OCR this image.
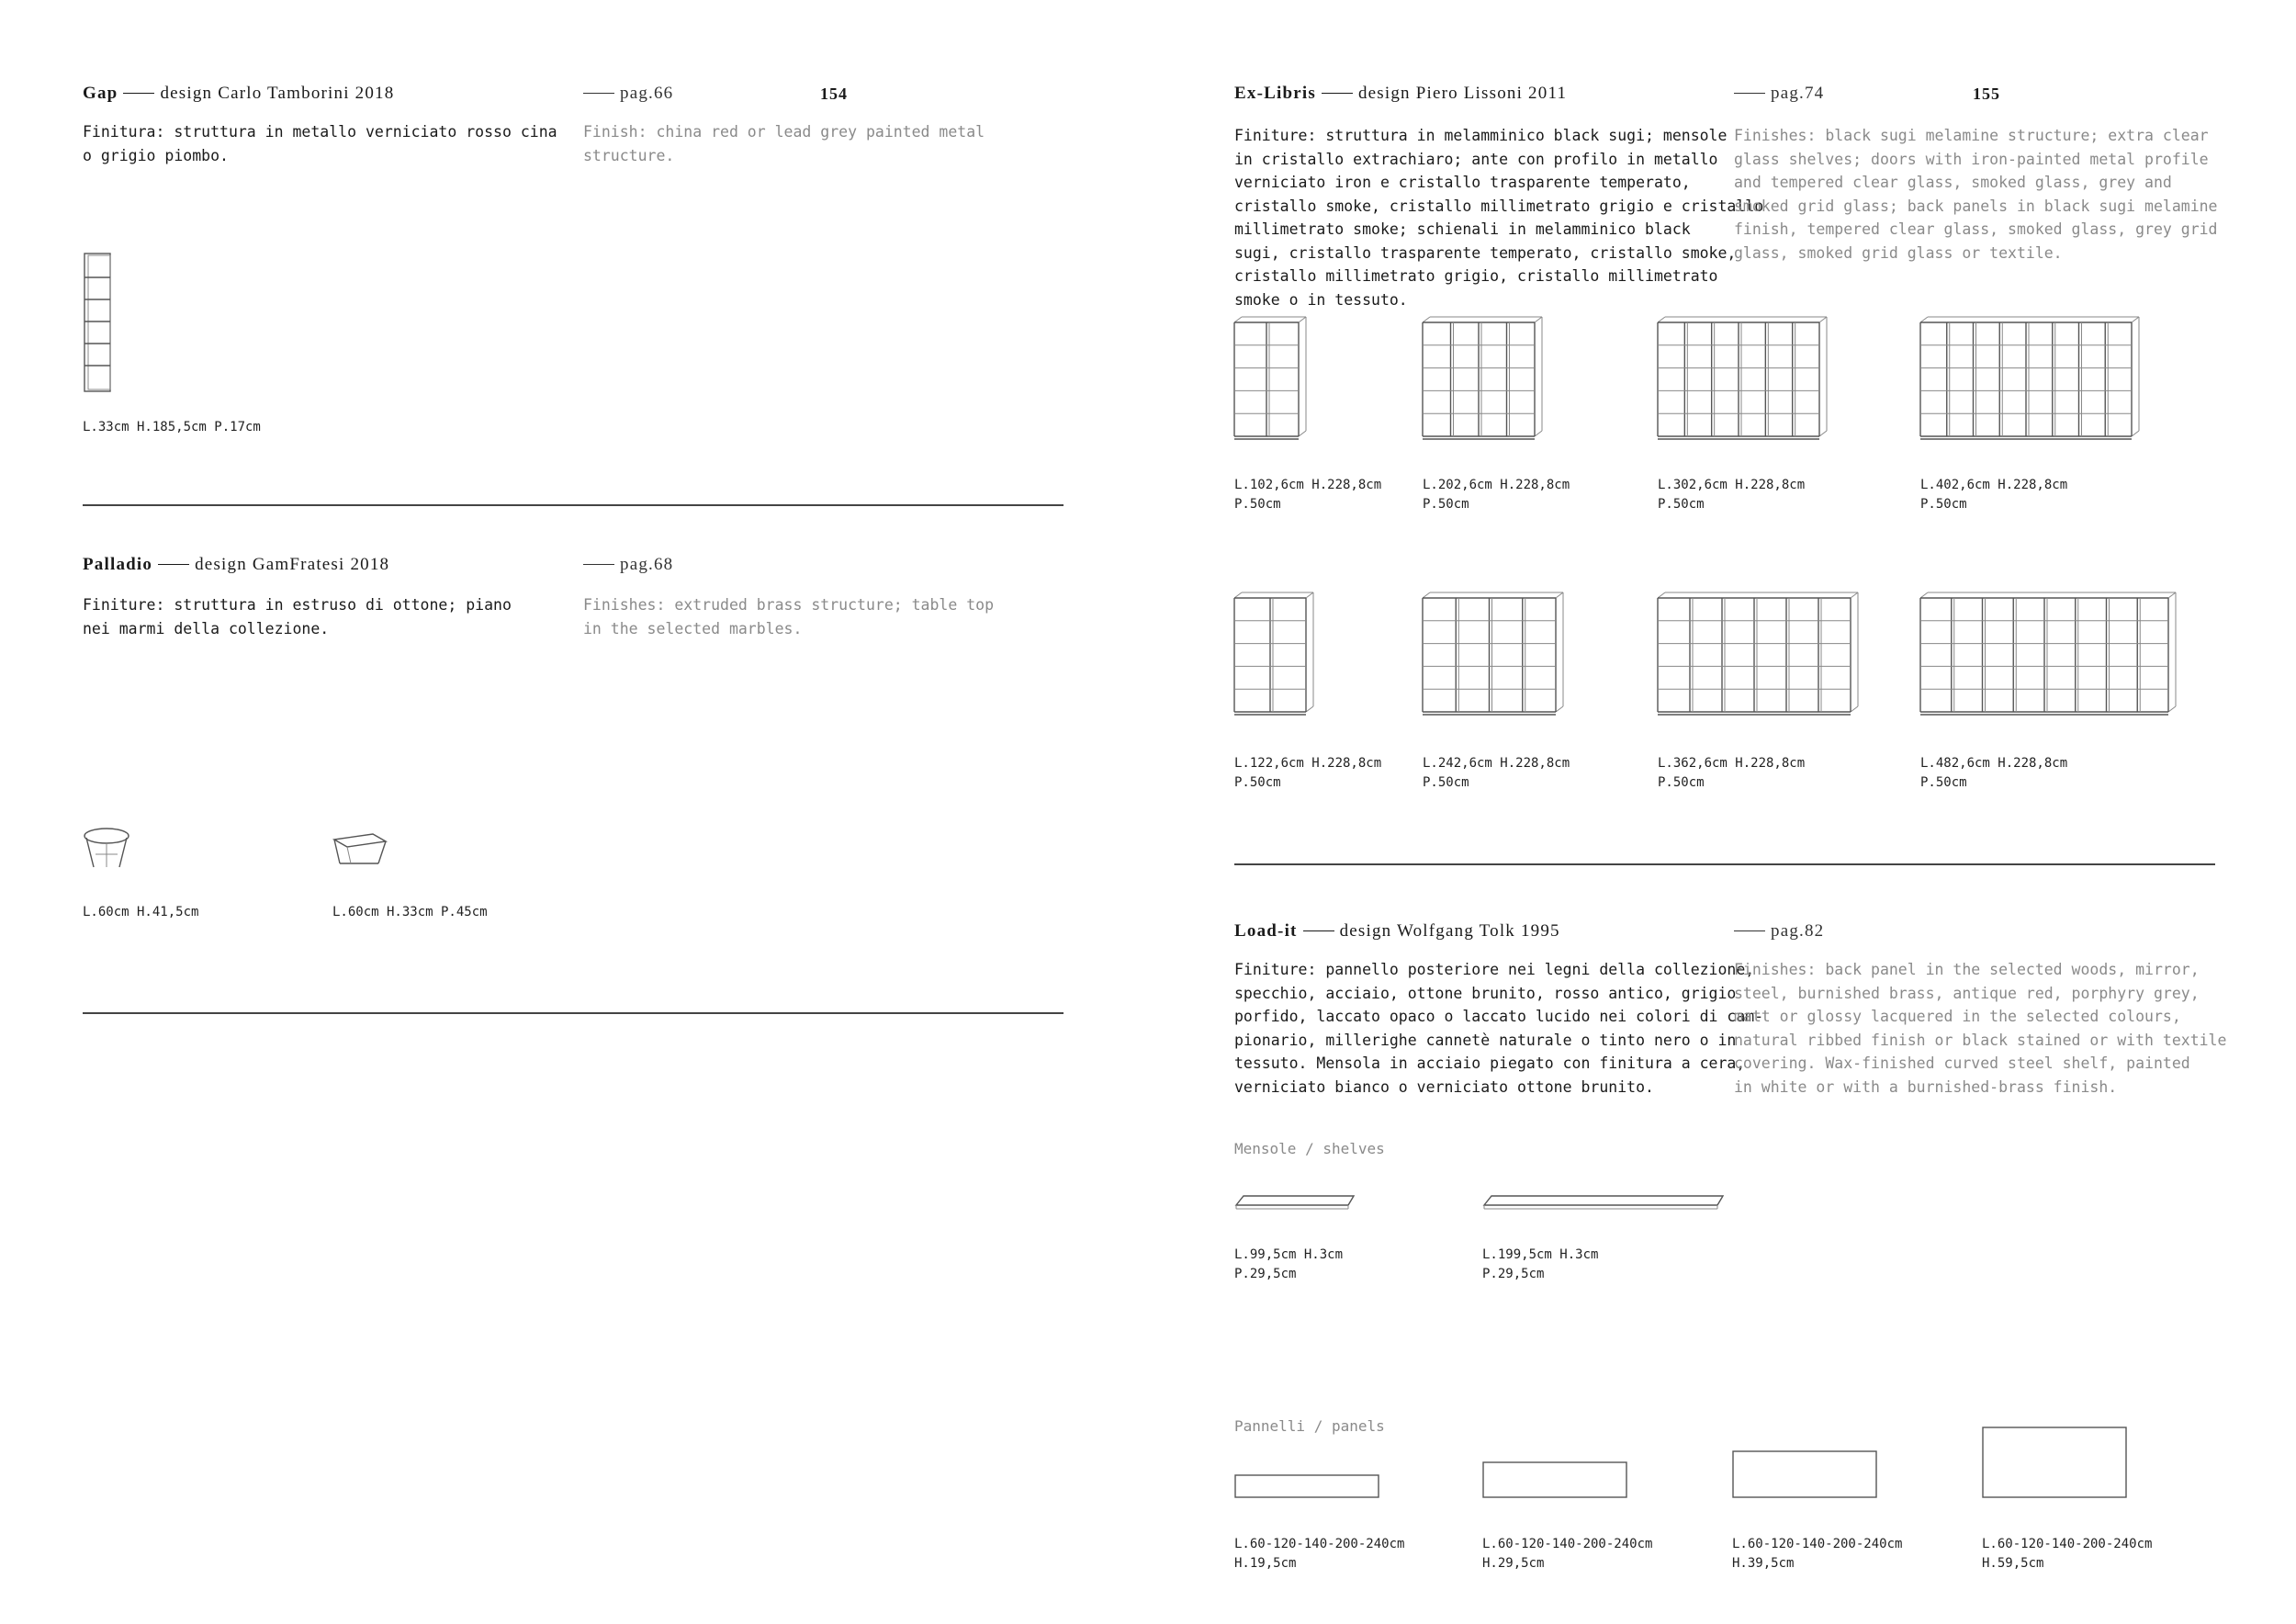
154
Gap design Carlo Tamborini 2018	pag.66
Finitura: struttura in metallo verniciato rosso cina
o grigio piombo.
Finish: china red or lead grey painted metal
structure.
L.33cm H.185,5cm P.17cm
Palladio design GamFratesi 2018	pag.68
Finiture: struttura in estruso di ottone; piano
nei marmi della collezione.
Finishes: extruded brass structure; table top
in the selected marbles.
L.60cm H.41,5cm	L.60cm H.33cm P.45cm
155
Ex-Libris design Piero Lissoni 2011	pag.74
Finiture: struttura in melamminico black sugi; mensole
in cristallo extrachiaro; ante con profilo in metallo
verniciato iron e cristallo trasparente temperato,
cristallo smoke, cristallo millimetrato grigio e cristallo
millimetrato smoke; schienali in melamminico black
sugi, cristallo trasparente temperato, cristallo smoke,
cristallo millimetrato grigio, cristallo millimetrato
smoke o in tessuto.
Finishes: black sugi melamine structure; extra clear
glass shelves; doors with iron-painted metal profile
and tempered clear glass, smoked glass, grey and
smoked grid glass; back panels in black sugi melamine
finish, tempered clear glass, smoked glass, grey grid
glass, smoked grid glass or textile.
L.102,6cm H.228,8cm
P.50cm
L.202,6cm H.228,8cm
P.50cm
L.302,6cm H.228,8cm
P.50cm
L.402,6cm H.228,8cm
P.50cm
L.122,6cm H.228,8cm
P.50cm
L.242,6cm H.228,8cm
P.50cm
L.362,6cm H.228,8cm
P.50cm
L.482,6cm H.228,8cm
P.50cm
Load-it design Wolfgang Tolk 1995	pag.82
Finiture: pannello posteriore nei legni della collezione,
specchio, acciaio, ottone brunito, rosso antico, grigio
porfido, laccato opaco o laccato lucido nei colori di cam-
pionario, millerighe cannetè naturale o tinto nero o in
tessuto. Mensola in acciaio piegato con finitura a cera,
verniciato bianco o verniciato ottone brunito.
Finishes: back panel in the selected woods, mirror,
steel, burnished brass, antique red, porphyry grey,
matt or glossy lacquered in the selected colours,
natural ribbed finish or black stained or with textile
covering. Wax-finished curved steel shelf, painted
in white or with a burnished-brass finish.
Mensole / shelves
L.99,5cm H.3cm
P.29,5cm
L.199,5cm H.3cm
P.29,5cm
Pannelli / panels
L.60-120-140-200-240cm
H.19,5cm
L.60-120-140-200-240cm
H.29,5cm
L.60-120-140-200-240cm
H.39,5cm
L.60-120-140-200-240cm
H.59,5cm
